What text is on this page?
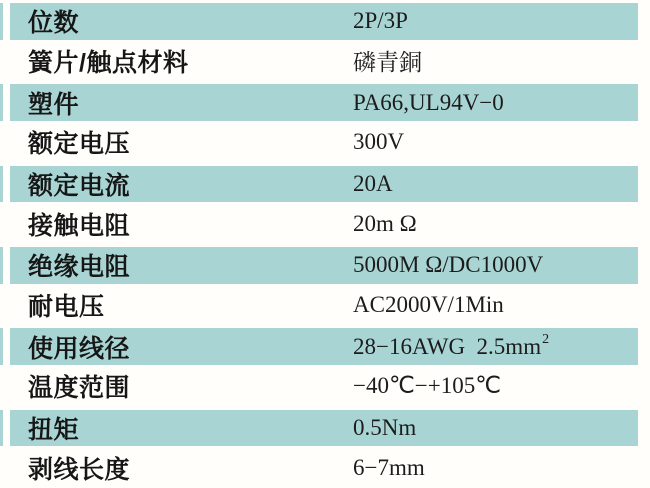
位数	2P/3P
簧片/触点材料	磷青銅
塑件	PA66,UL94V−0
额定电压	300V
额定电流	20A
接触电阻	20m Ω
绝缘电阻	5000M Ω/DC1000V
耐电压	AC2000V/1Min
使用线径	28−16AWG  $2.5mm^2$
温度范围	−40℃−+105℃
扭矩	0.5Nm
剥线长度	6−7mm
